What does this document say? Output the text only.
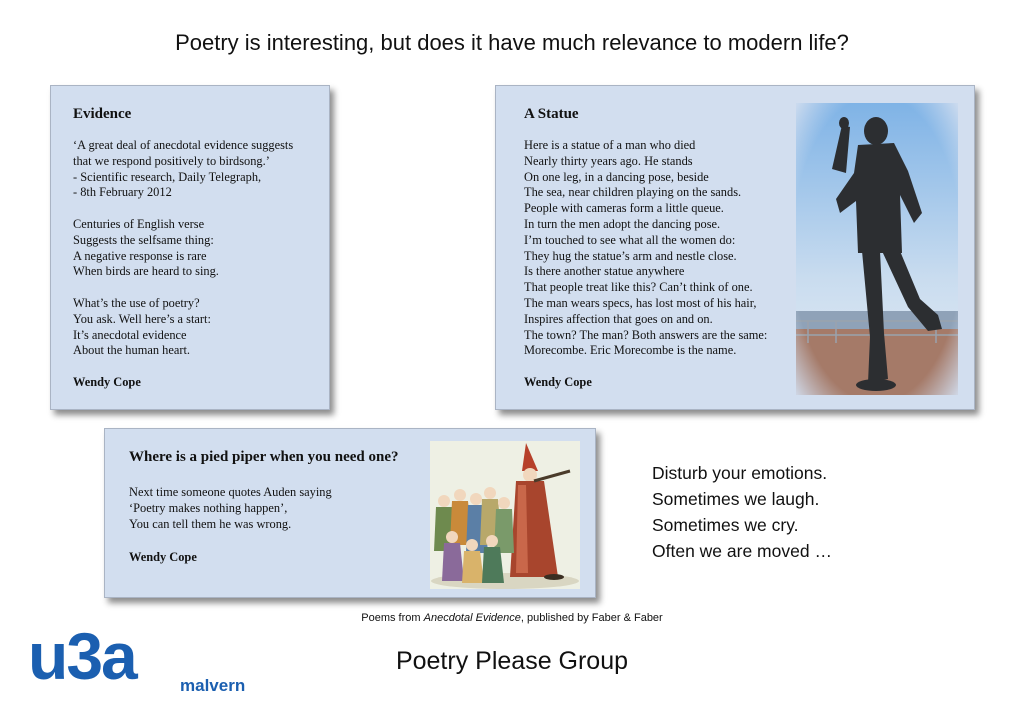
Poetry is interesting, but does it have much relevance to modern life?
Evidence
‘A great deal of anecdotal evidence suggests
that we respond positively to birdsong.’
- Scientific research, Daily Telegraph,
- 8th February 2012
Centuries of English verse
Suggests the selfsame thing:
A negative response is rare
When birds are heard to sing.
What’s the use of poetry?
You ask. Well here’s a start:
It’s anecdotal evidence
About the human heart.
Wendy Cope
A Statue
Here is a statue of a man who died
Nearly thirty years ago. He stands
On one leg, in a dancing pose, beside
The sea, near children playing on the sands.
People with cameras form a little queue.
In turn the men adopt the dancing pose.
I’m touched to see what all the women do:
They hug the statue’s arm and nestle close.
Is there another statue anywhere
That people treat like this? Can’t think of one.
The man wears specs, has lost most of his hair,
Inspires affection that goes on and on.
The town? The man? Both answers are the same:
Morecombe. Eric Morecombe is the name.
Wendy Cope
Where is a pied piper when you need one?
Next time someone quotes Auden saying
‘Poetry makes nothing happen’,
You can tell them he was wrong.
Wendy Cope
Disturb your emotions.
Sometimes we laugh.
Sometimes we cry.
Often we are moved …
Poems from Anecdotal Evidence, published by Faber & Faber
u3a	malvern
Poetry Please Group
